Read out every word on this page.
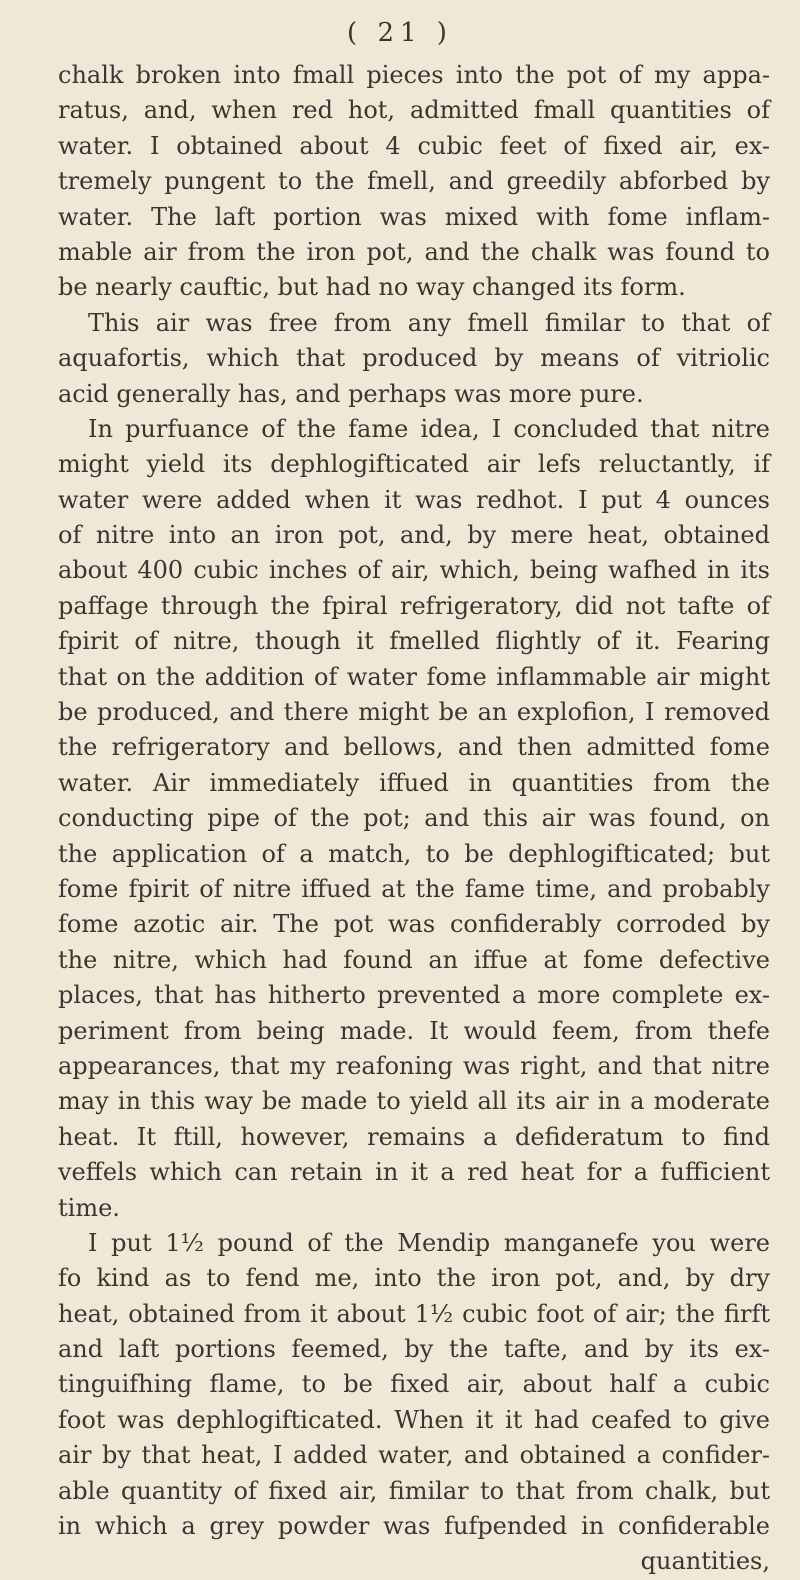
( 21 )
chalk broken into fmall pieces into the pot of my appa-
ratus, and, when red hot, admitted fmall quantities of
water. I obtained about 4 cubic feet of fixed air, ex-
tremely pungent to the fmell, and greedily abforbed by
water. The laft portion was mixed with fome inflam-
mable air from the iron pot, and the chalk was found to
be nearly cauftic, but had no way changed its form.
This air was free from any fmell fimilar to that of
aquafortis, which that produced by means of vitriolic
acid generally has, and perhaps was more pure.
In purfuance of the fame idea, I concluded that nitre
might yield its dephlogifticated air lefs reluctantly, if
water were added when it was redhot. I put 4 ounces
of nitre into an iron pot, and, by mere heat, obtained
about 400 cubic inches of air, which, being wafhed in its
paffage through the fpiral refrigeratory, did not tafte of
fpirit of nitre, though it fmelled flightly of it. Fearing
that on the addition of water fome inflammable air might
be produced, and there might be an explofion, I removed
the refrigeratory and bellows, and then admitted fome
water. Air immediately iffued in quantities from the
conducting pipe of the pot; and this air was found, on
the application of a match, to be dephlogifticated; but
fome fpirit of nitre iffued at the fame time, and probably
fome azotic air. The pot was confiderably corroded by
the nitre, which had found an iffue at fome defective
places, that has hitherto prevented a more complete ex-
periment from being made. It would feem, from thefe
appearances, that my reafoning was right, and that nitre
may in this way be made to yield all its air in a moderate
heat. It ftill, however, remains a defideratum to find
veffels which can retain in it a red heat for a fufficient
time.
I put 1½ pound of the Mendip manganefe you were
fo kind as to fend me, into the iron pot, and, by dry
heat, obtained from it about 1½ cubic foot of air; the firft
and laft portions feemed, by the tafte, and by its ex-
tinguifhing flame, to be fixed air, about half a cubic
foot was dephlogifticated. When it it had ceafed to give
air by that heat, I added water, and obtained a confider-
able quantity of fixed air, fimilar to that from chalk, but
in which a grey powder was fufpended in confiderable
quantities,
